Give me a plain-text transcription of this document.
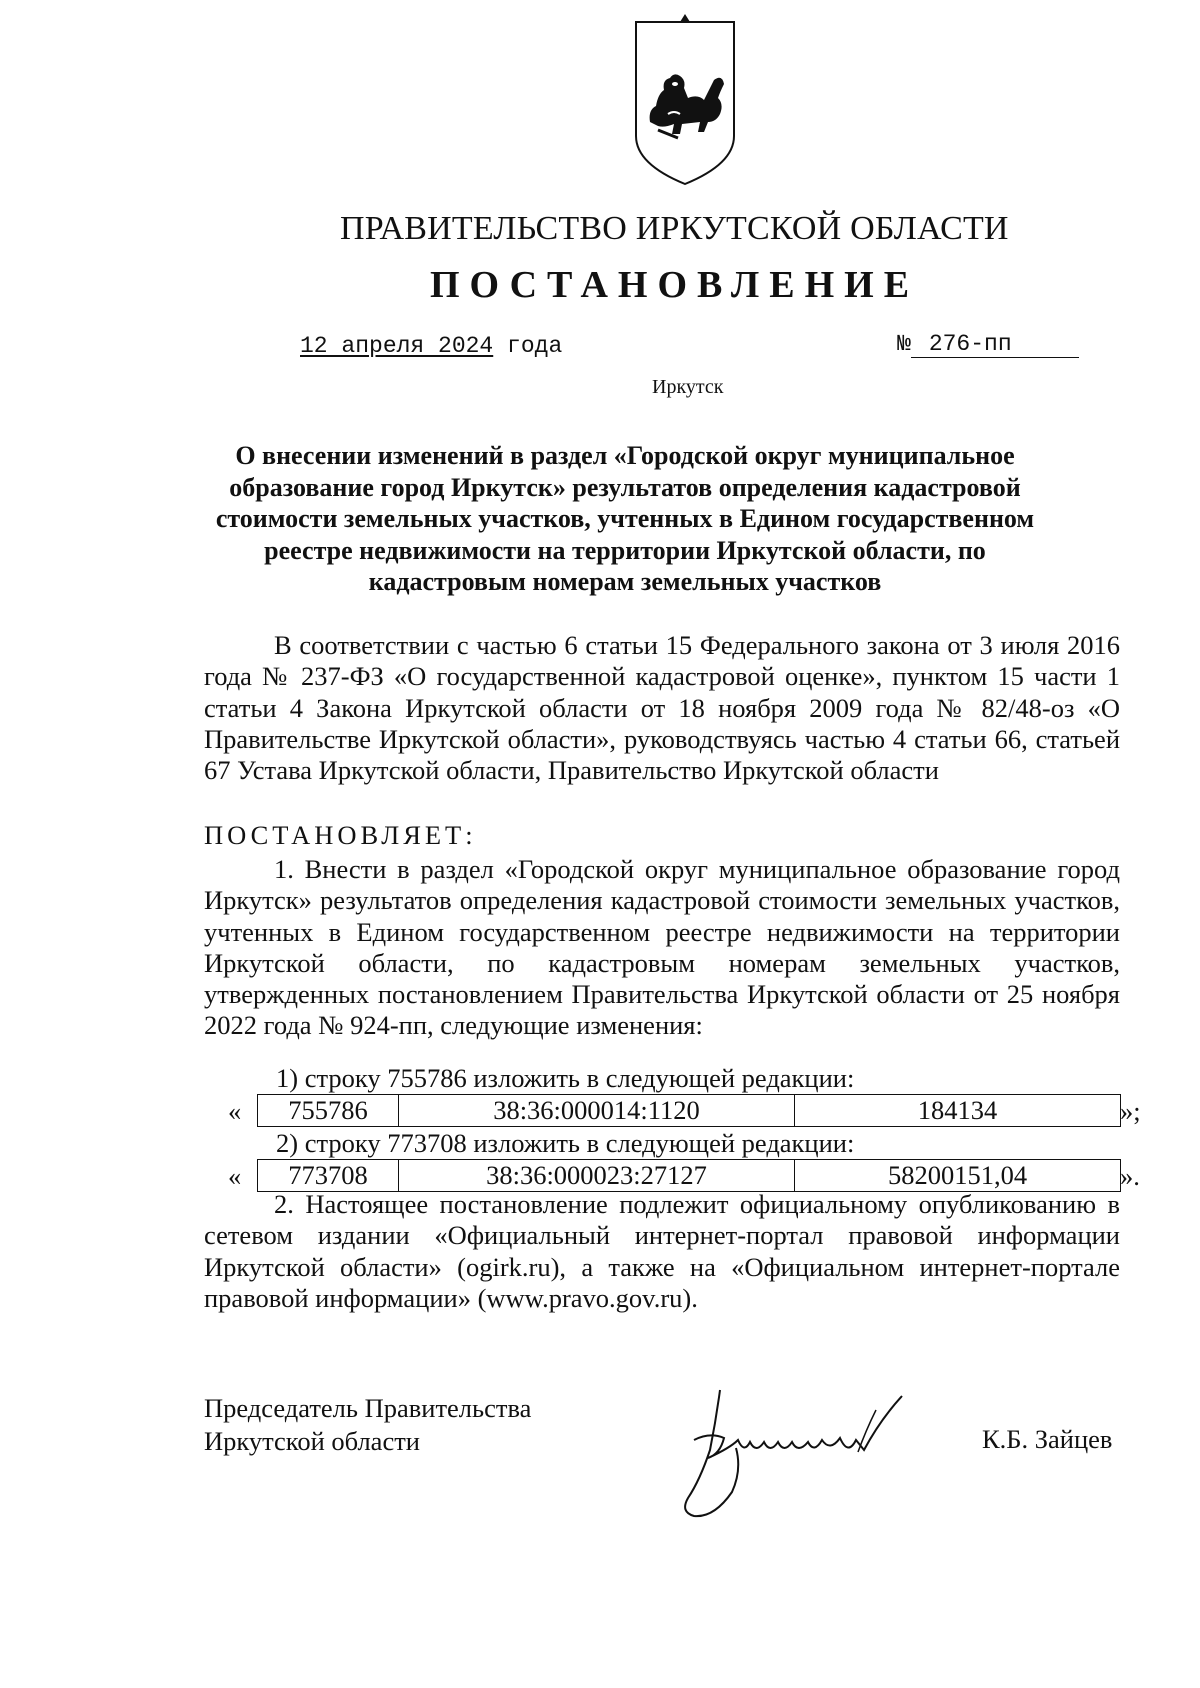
ПРАВИТЕЛЬСТВО ИРКУТСКОЙ ОБЛАСТИ
ПОСТАНОВЛЕНИЕ
12 апреля 2024 года	№ 276-пп
Иркутск
О внесении изменений в раздел «Городской округ муниципальное образование город Иркутск» результатов определения кадастровой стоимости земельных участков, учтенных в Едином государственном реестре недвижимости на территории Иркутской области, по кадастровым номерам земельных участков
В соответствии с частью 6 статьи 15 Федерального закона от 3 июля 2016 года № 237-ФЗ «О государственной кадастровой оценке», пунктом 15 части 1 статьи 4 Закона Иркутской области от 18 ноября 2009 года № 82/48-оз «О Правительстве Иркутской области», руководствуясь частью 4 статьи 66, статьей 67 Устава Иркутской области, Правительство Иркутской области
ПОСТАНОВЛЯЕТ:
1. Внести в раздел «Городской округ муниципальное образование город Иркутск» результатов определения кадастровой стоимости земельных участков, учтенных в Едином государственном реестре недвижимости на территории Иркутской области, по кадастровым номерам земельных участков, утвержденных постановлением Правительства Иркутской области от 25 ноября 2022 года № 924-пп, следующие изменения:
1) строку 755786 изложить в следующей редакции:
« 755786	38:36:000014:1120	184134	»;
2) строку 773708 изложить в следующей редакции:
« 773708	38:36:000023:27127	58200151,04	».
2. Настоящее постановление подлежит официальному опубликованию в сетевом издании «Официальный интернет-портал правовой информации Иркутской области» (ogirk.ru), а также на «Официальном интернет-портале правовой информации» (www.pravo.gov.ru).
Председатель Правительства
Иркутской области	К.Б. Зайцев
